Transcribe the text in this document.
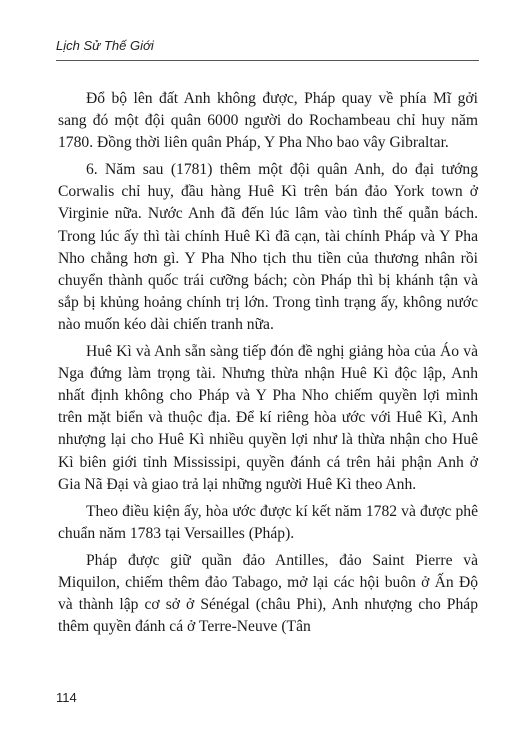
Lịch Sử Thế Giới

Đổ bộ lên đất Anh không được, Pháp quay về phía Mĩ gởi sang đó một đội quân 6000 người do Rochambeau chỉ huy năm 1780. Đồng thời liên quân Pháp, Y Pha Nho bao vây Gibraltar.

6. Năm sau (1781) thêm một đội quân Anh, do đại tướng Corwalis chỉ huy, đầu hàng Huê Kì trên bán đảo York town ở Virginie nữa. Nước Anh đã đến lúc lâm vào tình thế quẫn bách. Trong lúc ấy thì tài chính Huê Kì đã cạn, tài chính Pháp và Y Pha Nho chẳng hơn gì. Y Pha Nho tịch thu tiền của thương nhân rồi chuyển thành quốc trái cưỡng bách; còn Pháp thì bị khánh tận và sắp bị khủng hoảng chính trị lớn. Trong tình trạng ấy, không nước nào muốn kéo dài chiến tranh nữa.

Huê Kì và Anh sẵn sàng tiếp đón đề nghị giảng hòa của Áo và Nga đứng làm trọng tài. Nhưng thừa nhận Huê Kì độc lập, Anh nhất định không cho Pháp và Y Pha Nho chiếm quyền lợi mình trên mặt biển và thuộc địa. Để kí riêng hòa ước với Huê Kì, Anh nhượng lại cho Huê Kì nhiều quyền lợi như là thừa nhận cho Huê Kì biên giới tỉnh Mississipi, quyền đánh cá trên hải phận Anh ở Gia Nã Đại và giao trả lại những người Huê Kì theo Anh.

Theo điều kiện ấy, hòa ước được kí kết năm 1782 và được phê chuẩn năm 1783 tại Versailles (Pháp).

Pháp được giữ quần đảo Antilles, đảo Saint Pierre và Miquilon, chiếm thêm đảo Tabago, mở lại các hội buôn ở Ấn Độ và thành lập cơ sở ở Sénégal (châu Phi), Anh nhượng cho Pháp thêm quyền đánh cá ở Terre-Neuve (Tân

114
